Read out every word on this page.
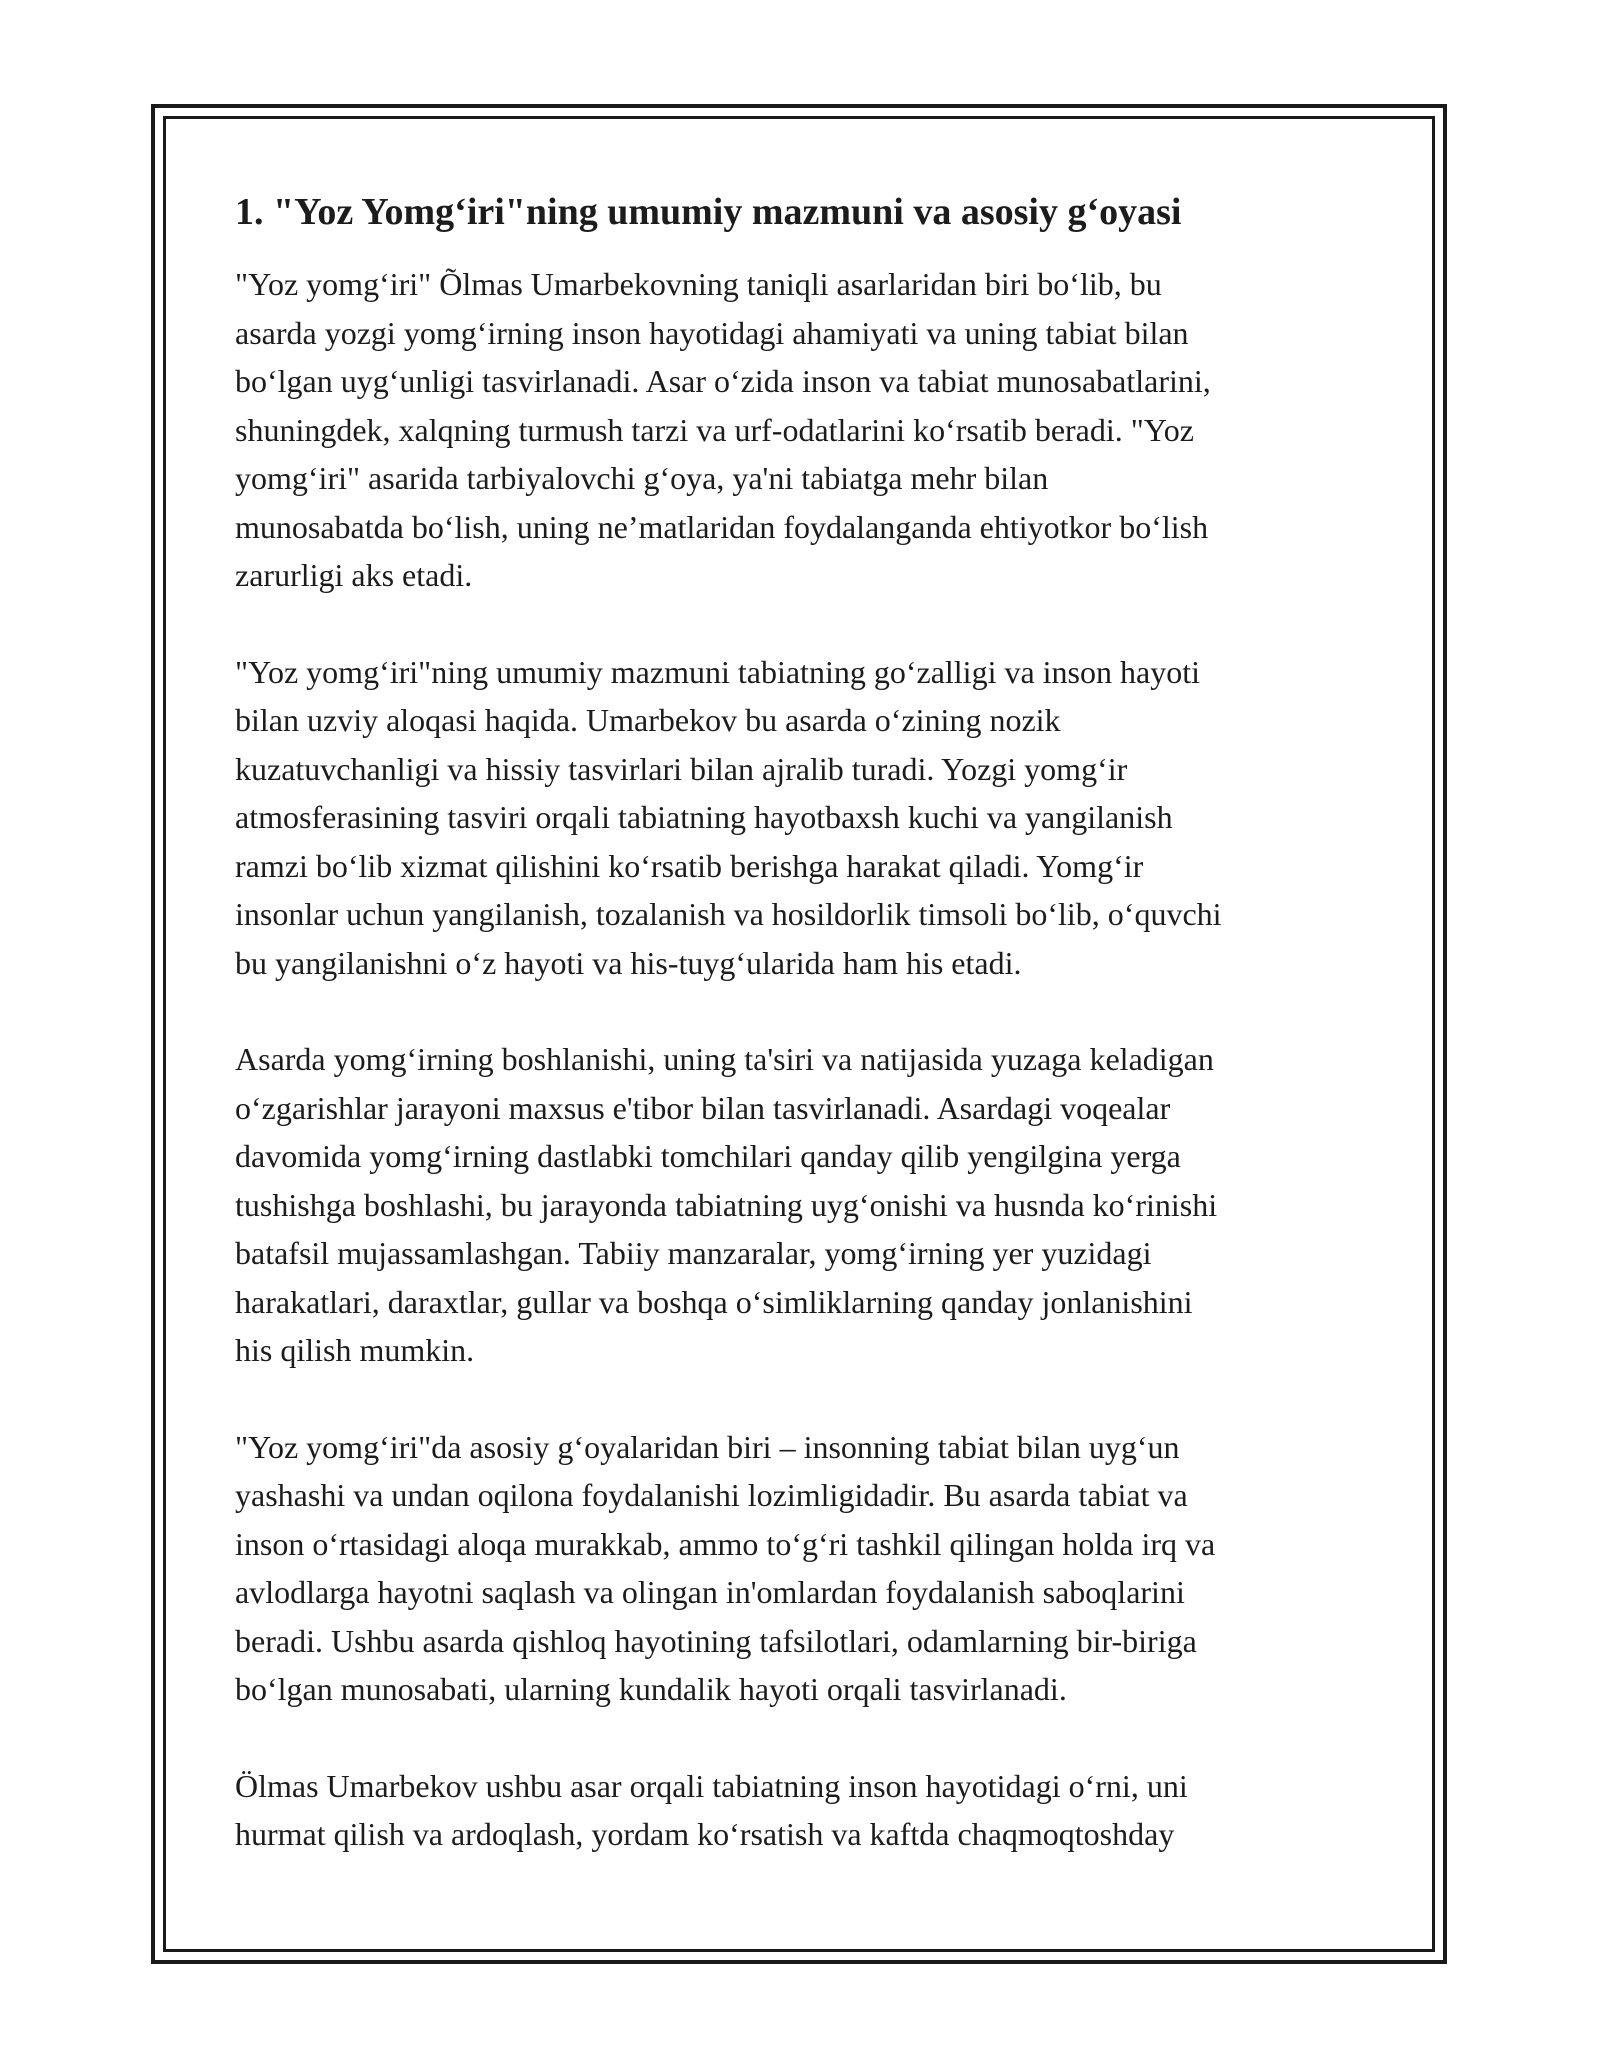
1. "Yoz Yomg‘iri"ning umumiy mazmuni va asosiy g‘oyasi

"Yoz yomg‘iri" Õlmas Umarbekovning taniqli asarlaridan biri bo‘lib, bu
asarda yozgi yomg‘irning inson hayotidagi ahamiyati va uning tabiat bilan
bo‘lgan uyg‘unligi tasvirlanadi. Asar o‘zida inson va tabiat munosabatlarini,
shuningdek, xalqning turmush tarzi va urf-odatlarini ko‘rsatib beradi. "Yoz
yomg‘iri" asarida tarbiyalovchi g‘oya, ya'ni tabiatga mehr bilan
munosabatda bo‘lish, uning ne’matlaridan foydalanganda ehtiyotkor bo‘lish
zarurligi aks etadi.

"Yoz yomg‘iri"ning umumiy mazmuni tabiatning go‘zalligi va inson hayoti
bilan uzviy aloqasi haqida. Umarbekov bu asarda o‘zining nozik
kuzatuvchanligi va hissiy tasvirlari bilan ajralib turadi. Yozgi yomg‘ir
atmosferasining tasviri orqali tabiatning hayotbaxsh kuchi va yangilanish
ramzi bo‘lib xizmat qilishini ko‘rsatib berishga harakat qiladi. Yomg‘ir
insonlar uchun yangilanish, tozalanish va hosildorlik timsoli bo‘lib, o‘quvchi
bu yangilanishni o‘z hayoti va his-tuyg‘ularida ham his etadi.

Asarda yomg‘irning boshlanishi, uning ta'siri va natijasida yuzaga keladigan
o‘zgarishlar jarayoni maxsus e'tibor bilan tasvirlanadi. Asardagi voqealar
davomida yomg‘irning dastlabki tomchilari qanday qilib yengilgina yerga
tushishga boshlashi, bu jarayonda tabiatning uyg‘onishi va husnda ko‘rinishi
batafsil mujassamlashgan. Tabiiy manzaralar, yomg‘irning yer yuzidagi
harakatlari, daraxtlar, gullar va boshqa o‘simliklarning qanday jonlanishini
his qilish mumkin.

"Yoz yomg‘iri"da asosiy g‘oyalaridan biri – insonning tabiat bilan uyg‘un
yashashi va undan oqilona foydalanishi lozimligidadir. Bu asarda tabiat va
inson o‘rtasidagi aloqa murakkab, ammo to‘g‘ri tashkil qilingan holda irq va
avlodlarga hayotni saqlash va olingan in'omlardan foydalanish saboqlarini
beradi. Ushbu asarda qishloq hayotining tafsilotlari, odamlarning bir-biriga
bo‘lgan munosabati, ularning kundalik hayoti orqali tasvirlanadi.

Ölmas Umarbekov ushbu asar orqali tabiatning inson hayotidagi o‘rni, uni
hurmat qilish va ardoqlash, yordam ko‘rsatish va kaftda chaqmoqtoshday
